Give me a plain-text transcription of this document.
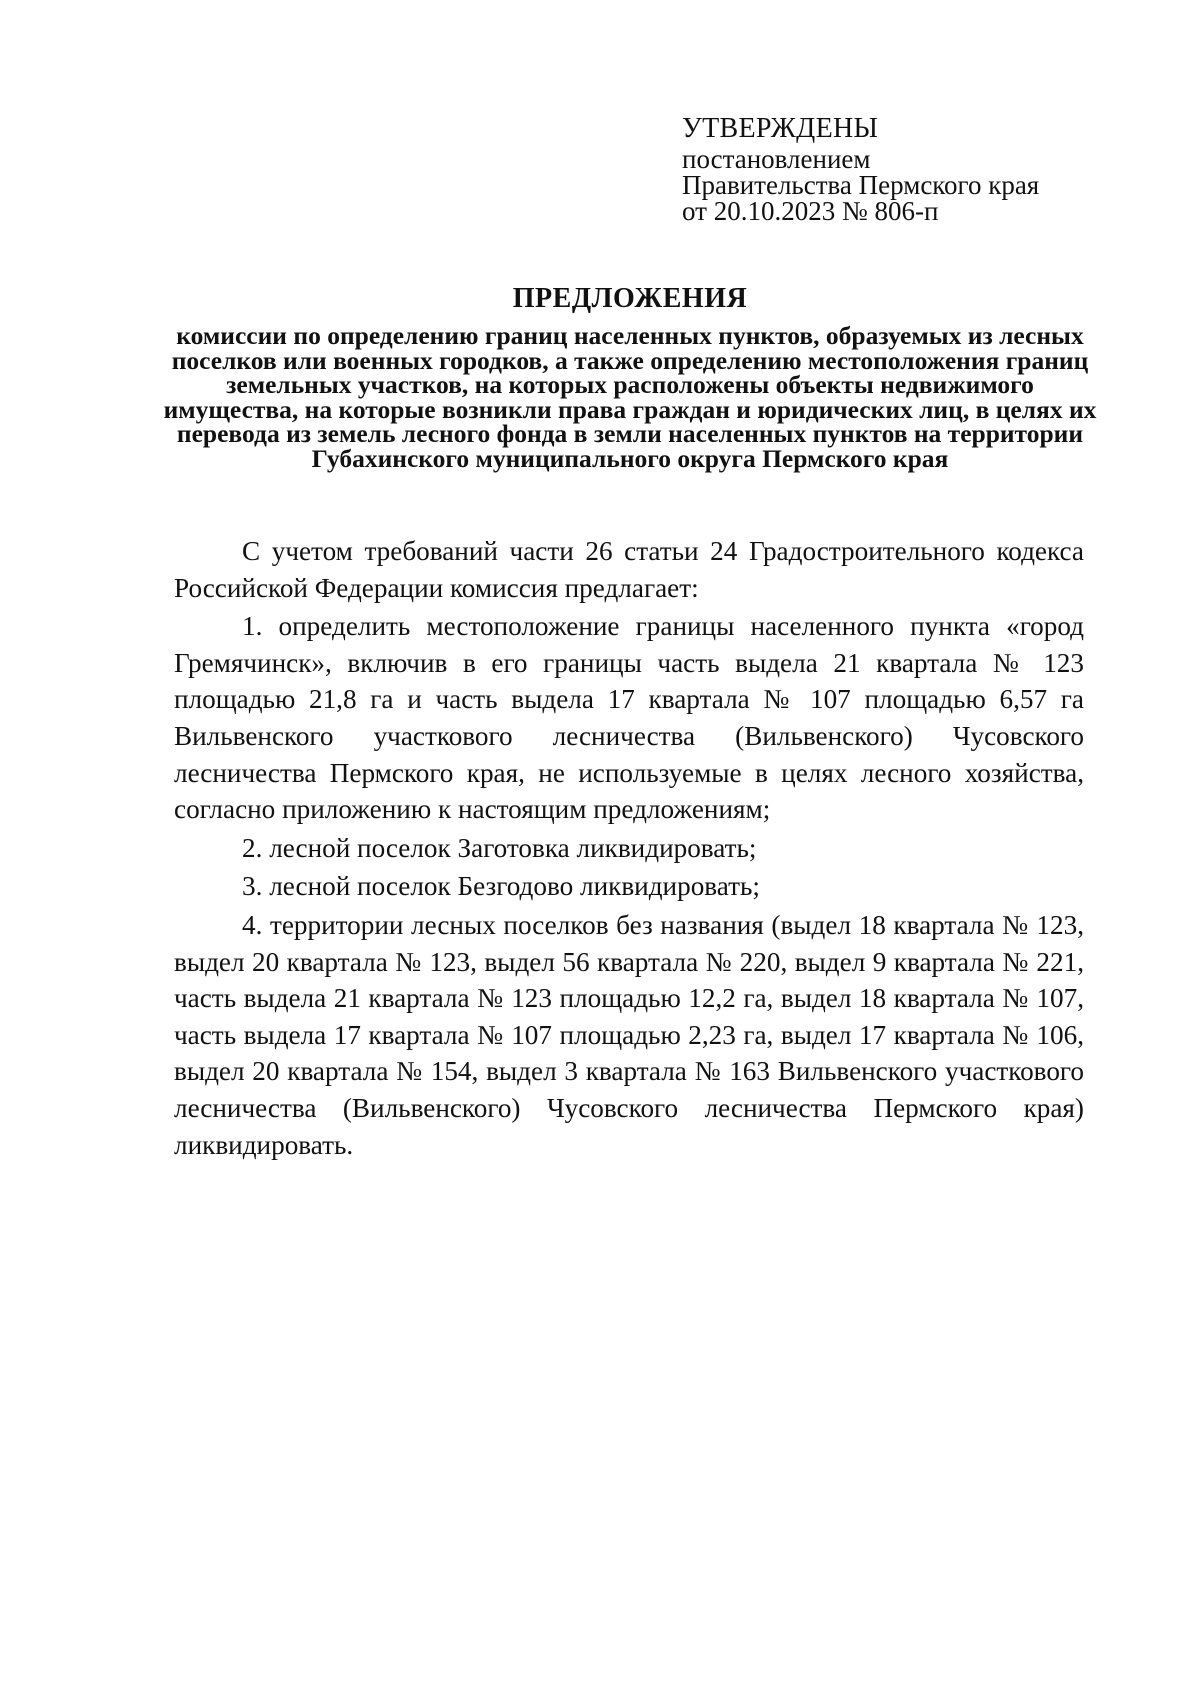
УТВЕРЖДЕНЫ
постановлением
Правительства Пермского края
от 20.10.2023 № 806-п
ПРЕДЛОЖЕНИЯ
комиссии по определению границ населенных пунктов, образуемых из лесных поселков или военных городков, а также определению местоположения границ земельных участков, на которых расположены объекты недвижимого имущества, на которые возникли права граждан и юридических лиц, в целях их перевода из земель лесного фонда в земли населенных пунктов на территории Губахинского муниципального округа Пермского края

С учетом требований части 26 статьи 24 Градостроительного кодекса Российской Федерации комиссия предлагает:

1. определить местоположение границы населенного пункта «город Гремячинск», включив в его границы часть выдела 21 квартала № 123 площадью 21,8 га и часть выдела 17 квартала № 107 площадью 6,57 га Вильвенского участкового лесничества (Вильвенского) Чусовского лесничества Пермского края, не используемые в целях лесного хозяйства, согласно приложению к настоящим предложениям;

2. лесной поселок Заготовка ликвидировать;

3. лесной поселок Безгодово ликвидировать;

4. территории лесных поселков без названия (выдел 18 квартала № 123, выдел 20 квартала № 123, выдел 56 квартала № 220, выдел 9 квартала № 221, часть выдела 21 квартала № 123 площадью 12,2 га, выдел 18 квартала № 107, часть выдела 17 квартала № 107 площадью 2,23 га, выдел 17 квартала № 106, выдел 20 квартала № 154, выдел 3 квартала № 163 Вильвенского участкового лесничества (Вильвенского) Чусовского лесничества Пермского края) ликвидировать.
